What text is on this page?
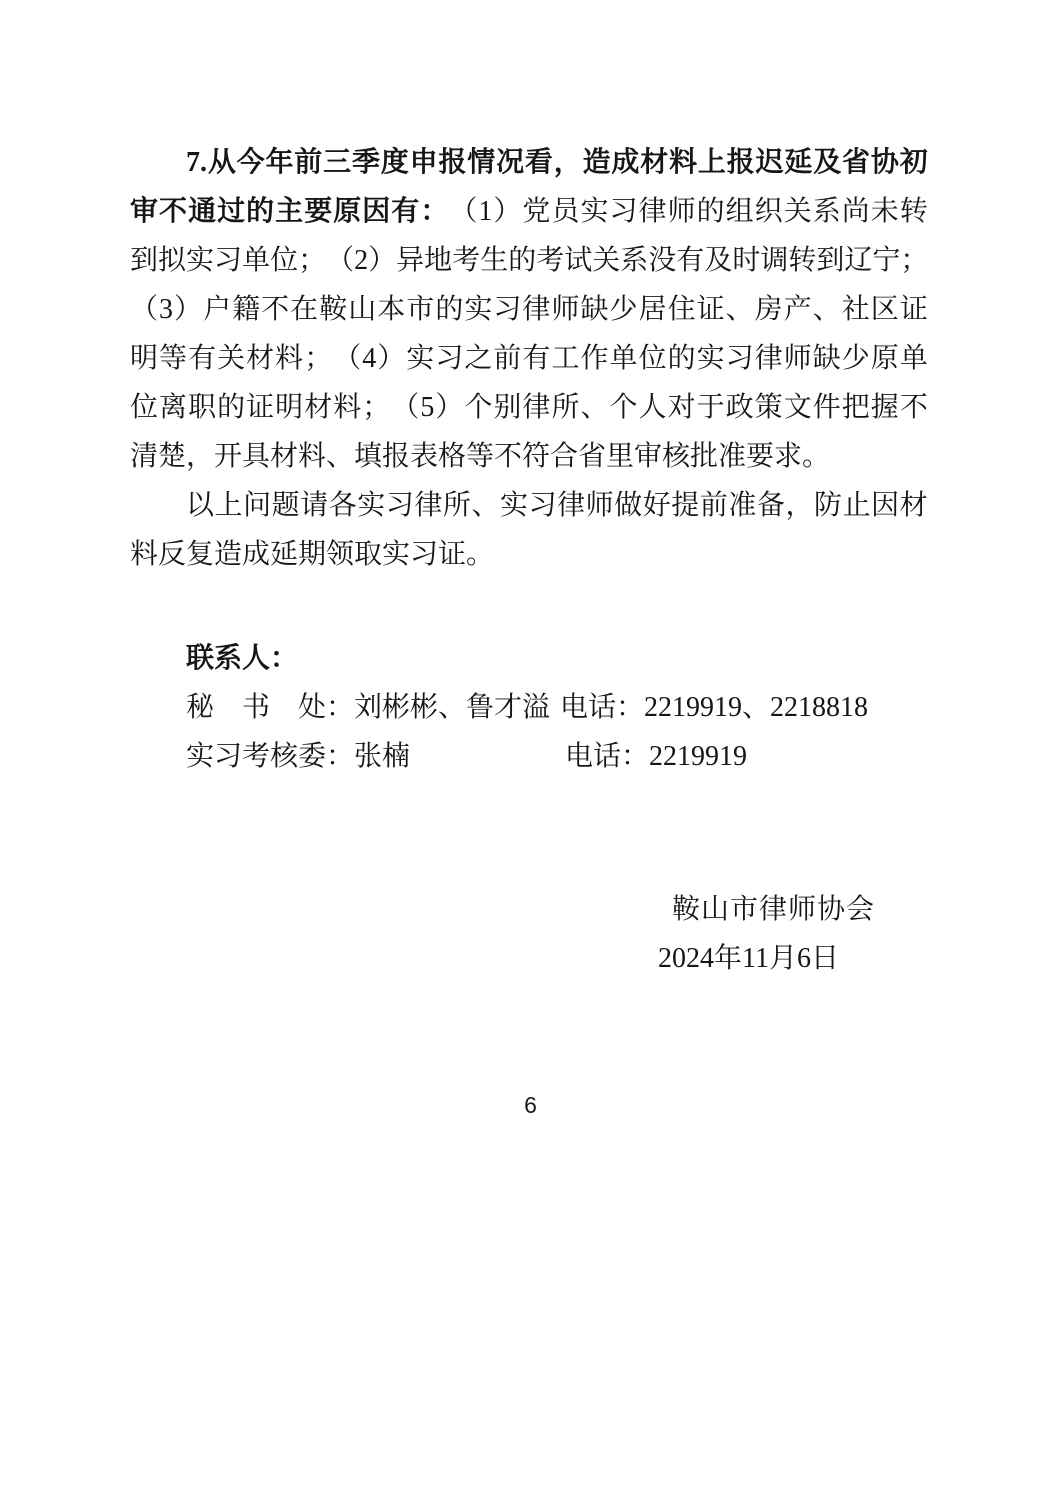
7. 从 今 年 前 三 季 度 申 报 情 况 看 ， 造 成 材 料 上 报 迟 延 及 省 协 初
审 不 通 过 的 主 要 原 因 有 ： （ 1 ） 党 员 实 习 律 师 的 组 织 关 系 尚 未 转
到 拟 实 习 单 位 ； （ 2 ） 异 地 考 生 的 考 试 关 系 没 有 及 时 调 转 到 辽 宁 ；
（ 3 ） 户 籍 不 在 鞍 山 本 市 的 实 习 律 师 缺 少 居 住 证 、 房 产 、 社 区 证
明 等 有 关 材 料 ； （ 4 ） 实 习 之 前 有 工 作 单 位 的 实 习 律 师 缺 少 原 单
位 离 职 的 证 明 材 料 ； （ 5 ） 个 别 律 所 、 个 人 对 于 政 策 文 件 把 握 不
清楚，开具材料、填报表格等不符合省里审核批准要求。
以 上 问 题 请 各 实 习 律 所 、 实 习 律 师 做 好 提 前 准 备 ， 防 止 因 材
料反复造成延期领取实习证。
联系人：
秘 书 处 ：刘彬彬、鲁才溢 电话：2219919、2218818
实 习 考 核 委 ：张楠	电话：2219919
鞍山市律师协会
2024年11月6日
6
